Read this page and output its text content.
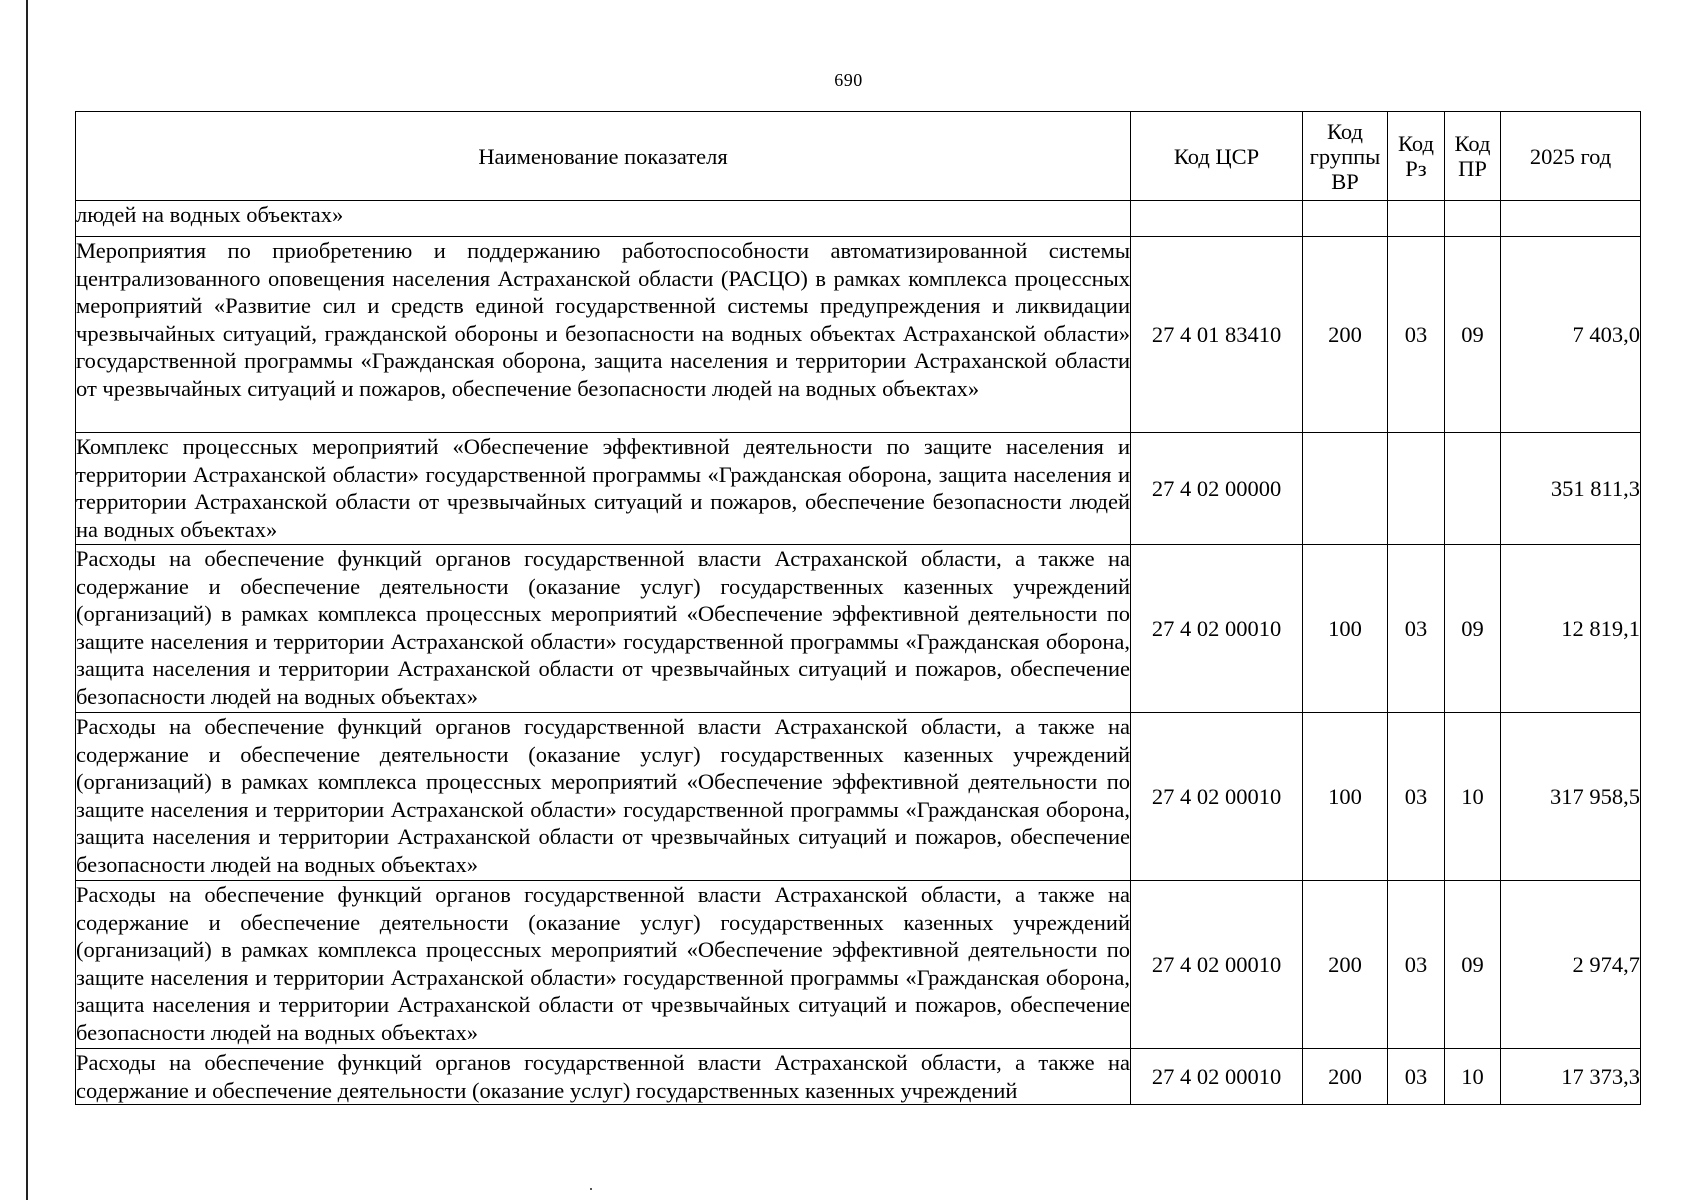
690
Наименование показателя	Код ЦСР	Код группы ВР	Код Рз	Код ПР	2025 год
людей на водных объектах»					
Мероприятия по приобретению и поддержанию работоспособности автоматизированной системы централизованного оповещения населения Астраханской области (РАСЦО) в рамках комплекса процессных мероприятий «Развитие сил и средств единой государственной системы предупреждения и ликвидации чрезвычайных ситуаций, гражданской обороны и безопасности на водных объектах Астраханской области» государственной программы «Гражданская оборона, защита населения и территории Астраханской области от чрезвычайных ситуаций и пожаров, обеспечение безопасности людей на водных объектах»	27 4 01 83410	200	03	09	7 403,0
Комплекс процессных мероприятий «Обеспечение эффективной деятельности по защите населения и территории Астраханской области» государственной программы «Гражданская оборона, защита населения и территории Астраханской области от чрезвычайных ситуаций и пожаров, обеспечение безопасности людей на водных объектах»	27 4 02 00000				351 811,3
Расходы на обеспечение функций органов государственной власти Астраханской области, а также на содержание и обеспечение деятельности (оказание услуг) государственных казенных учреждений (организаций) в рамках комплекса процессных мероприятий «Обеспечение эффективной деятельности по защите населения и территории Астраханской области» государственной программы «Гражданская оборона, защита населения и территории Астраханской области от чрезвычайных ситуаций и пожаров, обеспечение безопасности людей на водных объектах»	27 4 02 00010	100	03	09	12 819,1
Расходы на обеспечение функций органов государственной власти Астраханской области, а также на содержание и обеспечение деятельности (оказание услуг) государственных казенных учреждений (организаций) в рамках комплекса процессных мероприятий «Обеспечение эффективной деятельности по защите населения и территории Астраханской области» государственной программы «Гражданская оборона, защита населения и территории Астраханской области от чрезвычайных ситуаций и пожаров, обеспечение безопасности людей на водных объектах»	27 4 02 00010	100	03	10	317 958,5
Расходы на обеспечение функций органов государственной власти Астраханской области, а также на содержание и обеспечение деятельности (оказание услуг) государственных казенных учреждений (организаций) в рамках комплекса процессных мероприятий «Обеспечение эффективной деятельности по защите населения и территории Астраханской области» государственной программы «Гражданская оборона, защита населения и территории Астраханской области от чрезвычайных ситуаций и пожаров, обеспечение безопасности людей на водных объектах»	27 4 02 00010	200	03	09	2 974,7
Расходы на обеспечение функций органов государственной власти Астраханской области, а также на содержание и обеспечение деятельности (оказание услуг) государственных казенных учреждений	27 4 02 00010	200	03	10	17 373,3
